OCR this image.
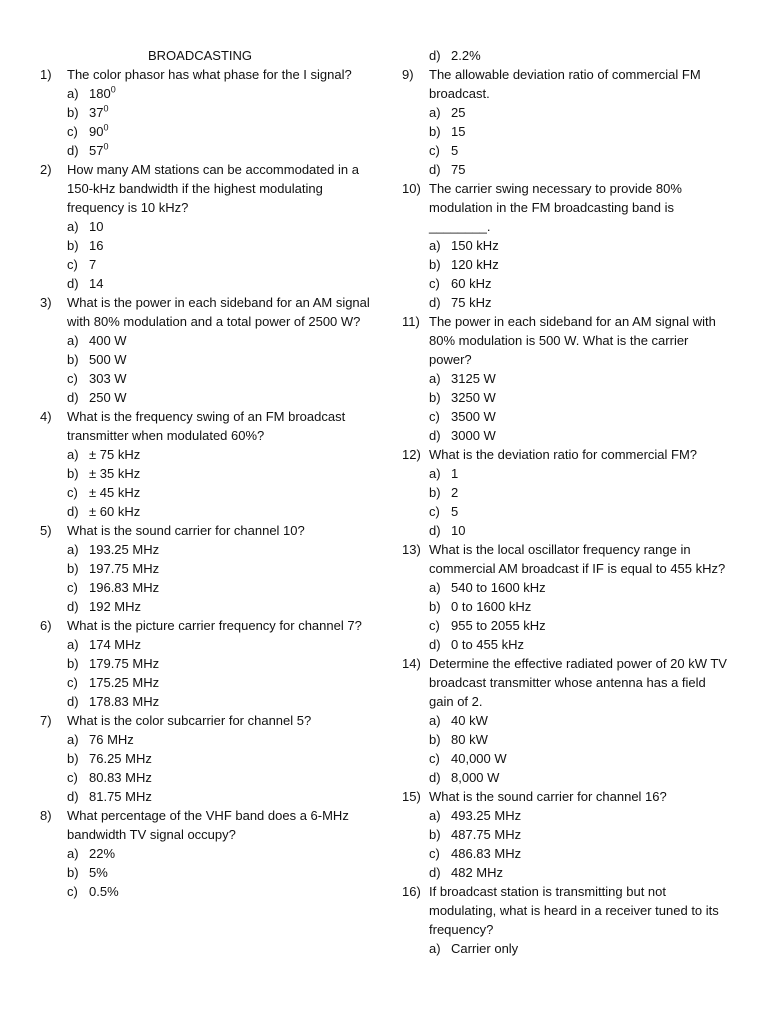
BROADCASTING
1) The color phasor has what phase for the I signal?
a) $180^0$
b) $37^0$
c) $90^0$
d) $57^0$
2) How many AM stations can be accommodated in a 150-kHz bandwidth if the highest modulating frequency is 10 kHz?
a) 10
b) 16
c) 7
d) 14
3) What is the power in each sideband for an AM signal with 80% modulation and a total power of 2500 W?
a) 400 W
b) 500 W
c) 303 W
d) 250 W
4) What is the frequency swing of an FM broadcast transmitter when modulated 60%?
a) ± 75 kHz
b) ± 35 kHz
c) ± 45 kHz
d) ± 60 kHz
5) What is the sound carrier for channel 10?
a) 193.25 MHz
b) 197.75 MHz
c) 196.83 MHz
d) 192 MHz
6) What is the picture carrier frequency for channel 7?
a) 174 MHz
b) 179.75 MHz
c) 175.25 MHz
d) 178.83 MHz
7) What is the color subcarrier for channel 5?
a) 76 MHz
b) 76.25 MHz
c) 80.83 MHz
d) 81.75 MHz
8) What percentage of the VHF band does a 6-MHz bandwidth TV signal occupy?
a) 22%
b) 5%
c) 0.5%
d) 2.2%
9) The allowable deviation ratio of commercial FM broadcast.
a) 25
b) 15
c) 5
d) 75
10) The carrier swing necessary to provide 80% modulation in the FM broadcasting band is ________.
a) 150 kHz
b) 120 kHz
c) 60 kHz
d) 75 kHz
11) The power in each sideband for an AM signal with 80% modulation is 500 W. What is the carrier power?
a) 3125 W
b) 3250 W
c) 3500 W
d) 3000 W
12) What is the deviation ratio for commercial FM?
a) 1
b) 2
c) 5
d) 10
13) What is the local oscillator frequency range in commercial AM broadcast if IF is equal to 455 kHz?
a) 540 to 1600 kHz
b) 0 to 1600 kHz
c) 955 to 2055 kHz
d) 0 to 455 kHz
14) Determine the effective radiated power of 20 kW TV broadcast transmitter whose antenna has a field gain of 2.
a) 40 kW
b) 80 kW
c) 40,000 W
d) 8,000 W
15) What is the sound carrier for channel 16?
a) 493.25 MHz
b) 487.75 MHz
c) 486.83 MHz
d) 482 MHz
16) If broadcast station is transmitting but not modulating, what is heard in a receiver tuned to its frequency?
a) Carrier only
